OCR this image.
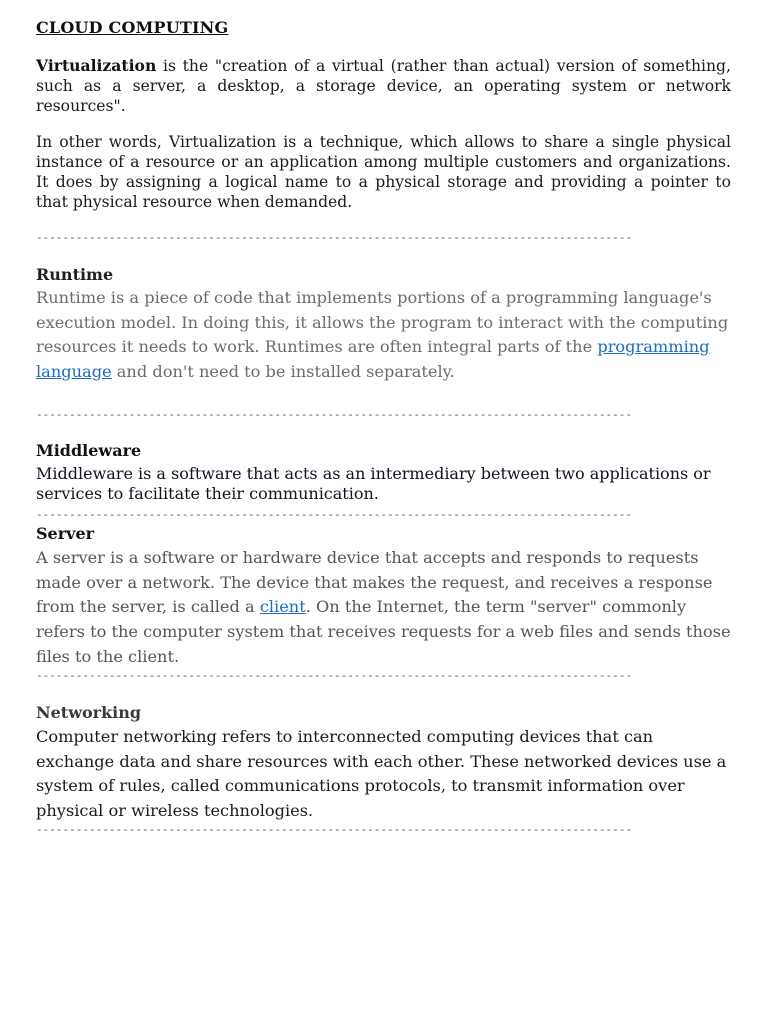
CLOUD COMPUTING

Virtualization is the "creation of a virtual (rather than actual) version of something, such as a server, a desktop, a storage device, an operating system or network resources".

In other words, Virtualization is a technique, which allows to share a single physical instance of a resource or an application among multiple customers and organizations. It does by assigning a logical name to a physical storage and providing a pointer to that physical resource when demanded.

------------------------------------------------------------------------------------------
Runtime

Runtime is a piece of code that implements portions of a programming language's execution model. In doing this, it allows the program to interact with the computing resources it needs to work. Runtimes are often integral parts of the programming language and don't need to be installed separately.

------------------------------------------------------------------------------------------
Middleware

Middleware is a software that acts as an intermediary between two applications or services to facilitate their communication.

------------------------------------------------------------------------------------------
Server

A server is a software or hardware device that accepts and responds to requests made over a network. The device that makes the request, and receives a response from the server, is called a client. On the Internet, the term "server" commonly refers to the computer system that receives requests for a web files and sends those files to the client.

------------------------------------------------------------------------------------------
Networking

Computer networking refers to interconnected computing devices that can exchange data and share resources with each other. These networked devices use a system of rules, called communications protocols, to transmit information over physical or wireless technologies.

------------------------------------------------------------------------------------------
